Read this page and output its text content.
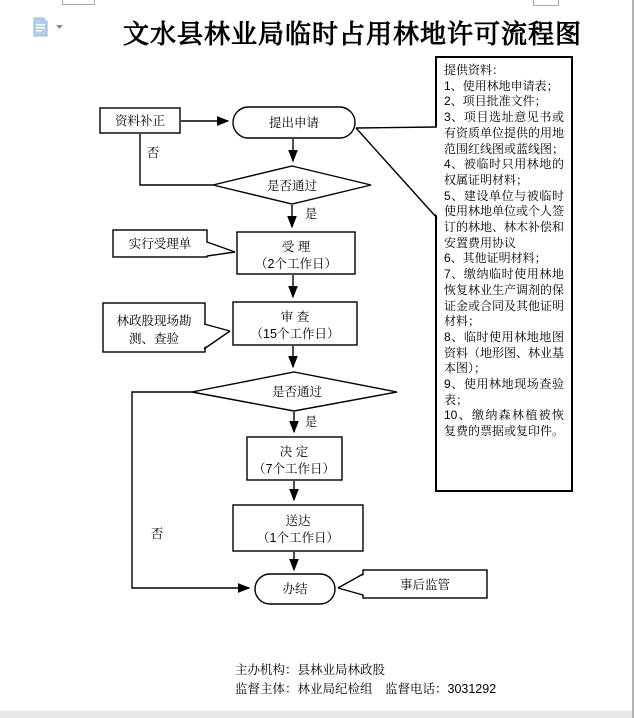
文水县林业局临时占用林地许可流程图
提供资料：
1、使用林地申请表；
2、项目批准文件；
3、项目选址意见书或有资质单位提供的用地范围红线图或蓝线图；
4、被临时只用林地的权属证明材料；
5、建设单位与被临时使用林地单位或个人签订的林地、林木补偿和安置费用协议
6、其他证明材料；
7、缴纳临时使用林地恢复林业生产调剂的保证金或合同及其他证明材料；
8、临时使用林地地图资料（地形图、林业基本图）；
9、使用林地现场查验表；
10、缴纳森林植被恢复费的票据或复印件。
资料补正	提出申请
是否通过
否
是
受 理
（2个工作日）
实行受理单
审 查
（15个工作日）
林政股现场勘
测、查验
是否通过
是
否
决 定
（7个工作日）
送达
（1个工作日）
办结	事后监管
主办机构：县林业局林政股
监督主体：林业局纪检组　监督电话：3031292
